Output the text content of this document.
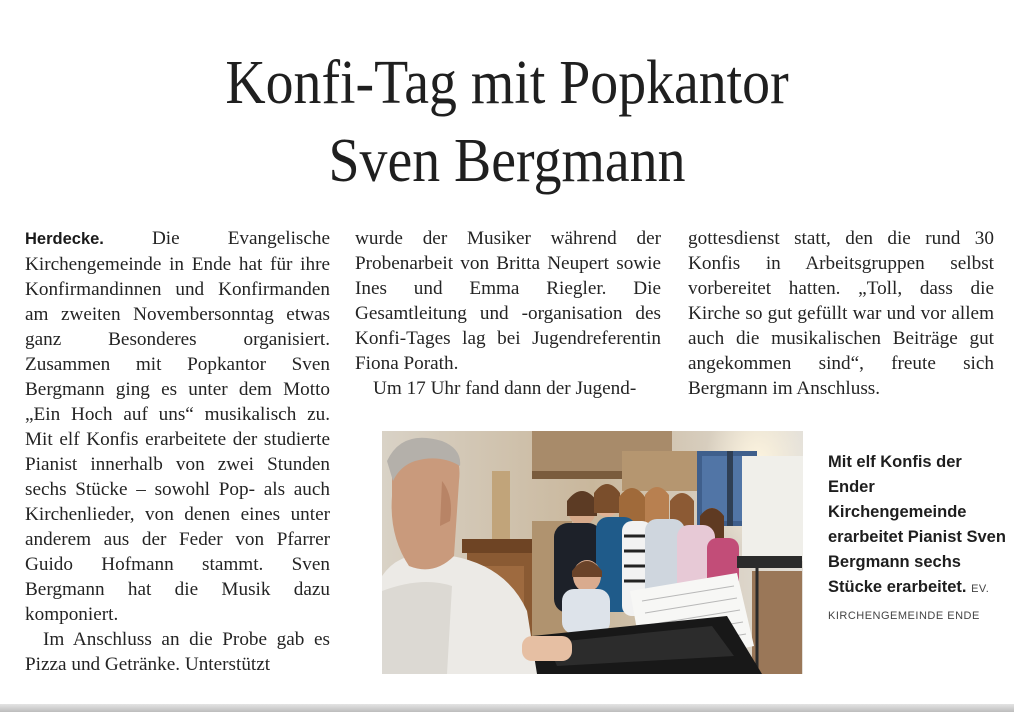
Konfi-Tag mit Popkantor
Sven Bergmann

Herdecke.	Die Evangelische Kirchengemeinde in Ende hat für ihre Konfirmandinnen und Konfirmanden am zweiten Novembersonntag etwas ganz Besonderes organisiert. Zusammen mit Popkantor Sven Bergmann ging es unter dem Motto „Ein Hoch auf uns“ musikalisch zu. Mit elf Konfis erarbeitete der studierte Pianist innerhalb von zwei Stunden sechs Stücke – sowohl Pop- als auch Kirchenlieder, von denen eines unter anderem aus der Feder von Pfarrer Guido Hofmann stammt. Sven Bergmann hat die Musik dazu komponiert.

Im Anschluss an die Probe gab es Pizza und Getränke. Unterstützt

wurde der Musiker während der Probenarbeit von Britta Neupert sowie Ines und Emma Riegler. Die Gesamtleitung und -organisation des Konfi-Tages lag bei Jugendreferentin Fiona Porath.

Um 17 Uhr fand dann der Jugend-

gottesdienst statt, den die rund 30 Konfis in Arbeitsgruppen selbst vorbereitet hatten. „Toll, dass die Kirche so gut gefüllt war und vor allem auch die musikalischen Beiträge gut angekommen sind“, freute sich Bergmann im Anschluss.

Mit elf Konfis der Ender Kirchengemeinde erarbeitet Pianist Sven Bergmann sechs Stücke erarbeitet. EV. KIRCHENGEMEINDE ENDE
